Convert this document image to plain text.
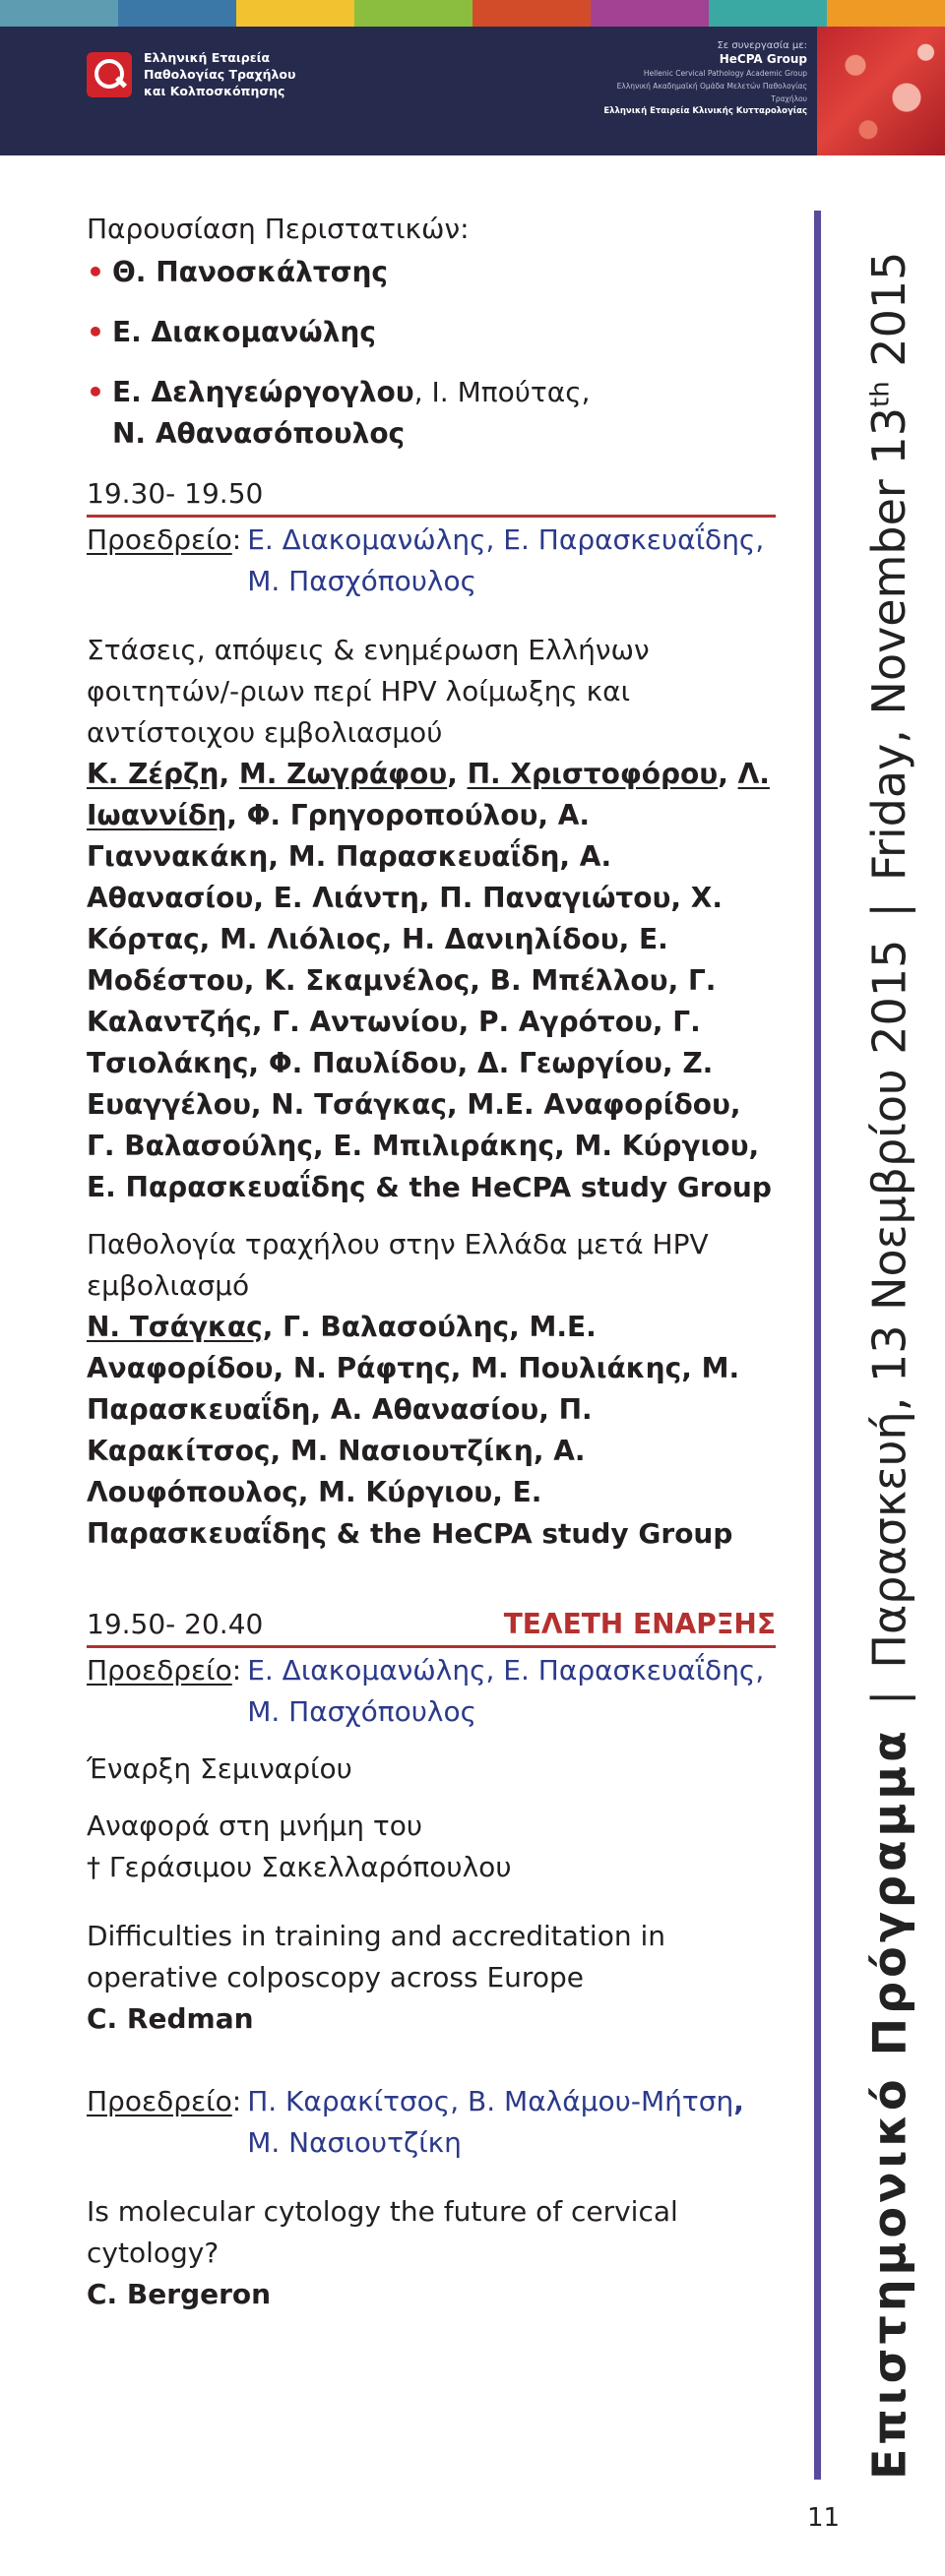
Ελληνική Εταιρεία
Παθολογίας Τραχήλου
και Κολποσκόπησης
Σε συνεργασία με:
HeCPA Group
Hellenic Cervical Pathology Academic Group
Ελληνική Ακαδημαϊκή Ομάδα Μελετών Παθολογίας Τραχήλου
Ελληνική Εταιρεία Κλινικής Κυτταρολογίας
Επιστημονικό Πρόγραμμα|Παρασκευή, 13 Νοεμβρίου 2015|Friday, November 13th 2015
Παρουσίαση Περιστατικών:
• Θ. Πανοσκάλτσης
• Ε. Διακομανώλης
• Ε. Δεληγεώργογλου, Ι. Μπούτας,
Ν. Αθανασόπουλος
19.30- 19.50
Προεδρείο: Ε. Διακομανώλης, Ε. Παρασκευαΐδης,
Μ. Πασχόπουλος
Στάσεις, απόψεις & ενημέρωση Ελλήνων φοιτητών/-ριων περί HPV λοίμωξης και αντίστοιχου εμβολιασμού
Κ. Ζέρζη, Μ. Ζωγράφου, Π. Χριστοφόρου, Λ. Ιωαννίδη, Φ. Γρηγοροπούλου, Α. Γιαννακάκη, Μ. Παρασκευαΐδη, Α. Αθανασίου, Ε. Λιάντη, Π. Παναγιώτου, Χ. Κόρτας, Μ. Λιόλιος, Η. Δανιηλίδου, Ε. Μοδέστου, Κ. Σκαμνέλος, Β. Μπέλλου, Γ. Καλαντζής, Γ. Αντωνίου, Ρ. Αγρότου, Γ. Τσιολάκης, Φ. Παυλίδου, Δ. Γεωργίου, Ζ. Ευαγγέλου, Ν. Τσάγκας, Μ.Ε. Αναφορίδου, Γ. Βαλασούλης, Ε. Μπιλιράκης, Μ. Κύργιου, Ε. Παρασκευαΐδης & the HeCPA study Group
Παθολογία τραχήλου στην Ελλάδα μετά HPV εμβολιασμό
Ν. Τσάγκας, Γ. Βαλασούλης, Μ.Ε. Αναφορίδου, Ν. Ράφτης, Μ. Πουλιάκης, Μ. Παρασκευαΐδη, Α. Αθανασίου, Π. Καρακίτσος, Μ. Νασιουτζίκη, Α. Λουφόπουλος, Μ. Κύργιου, Ε. Παρασκευαΐδης & the HeCPA study Group
19.50- 20.40	ΤΕΛΕΤΗ ΕΝΑΡΞΗΣ
Προεδρείο: Ε. Διακομανώλης, Ε. Παρασκευαΐδης,
Μ. Πασχόπουλος
Έναρξη Σεμιναρίου
Αναφορά στη μνήμη του
† Γεράσιμου Σακελλαρόπουλου
Difficulties in training and accreditation in operative colposcopy across Europe
C. Redman
Προεδρείο: Π. Καρακίτσος, Β. Μαλάμου-Μήτση,
Μ. Νασιουτζίκη
Is molecular cytology the future of cervical cytology?
C. Bergeron
11
